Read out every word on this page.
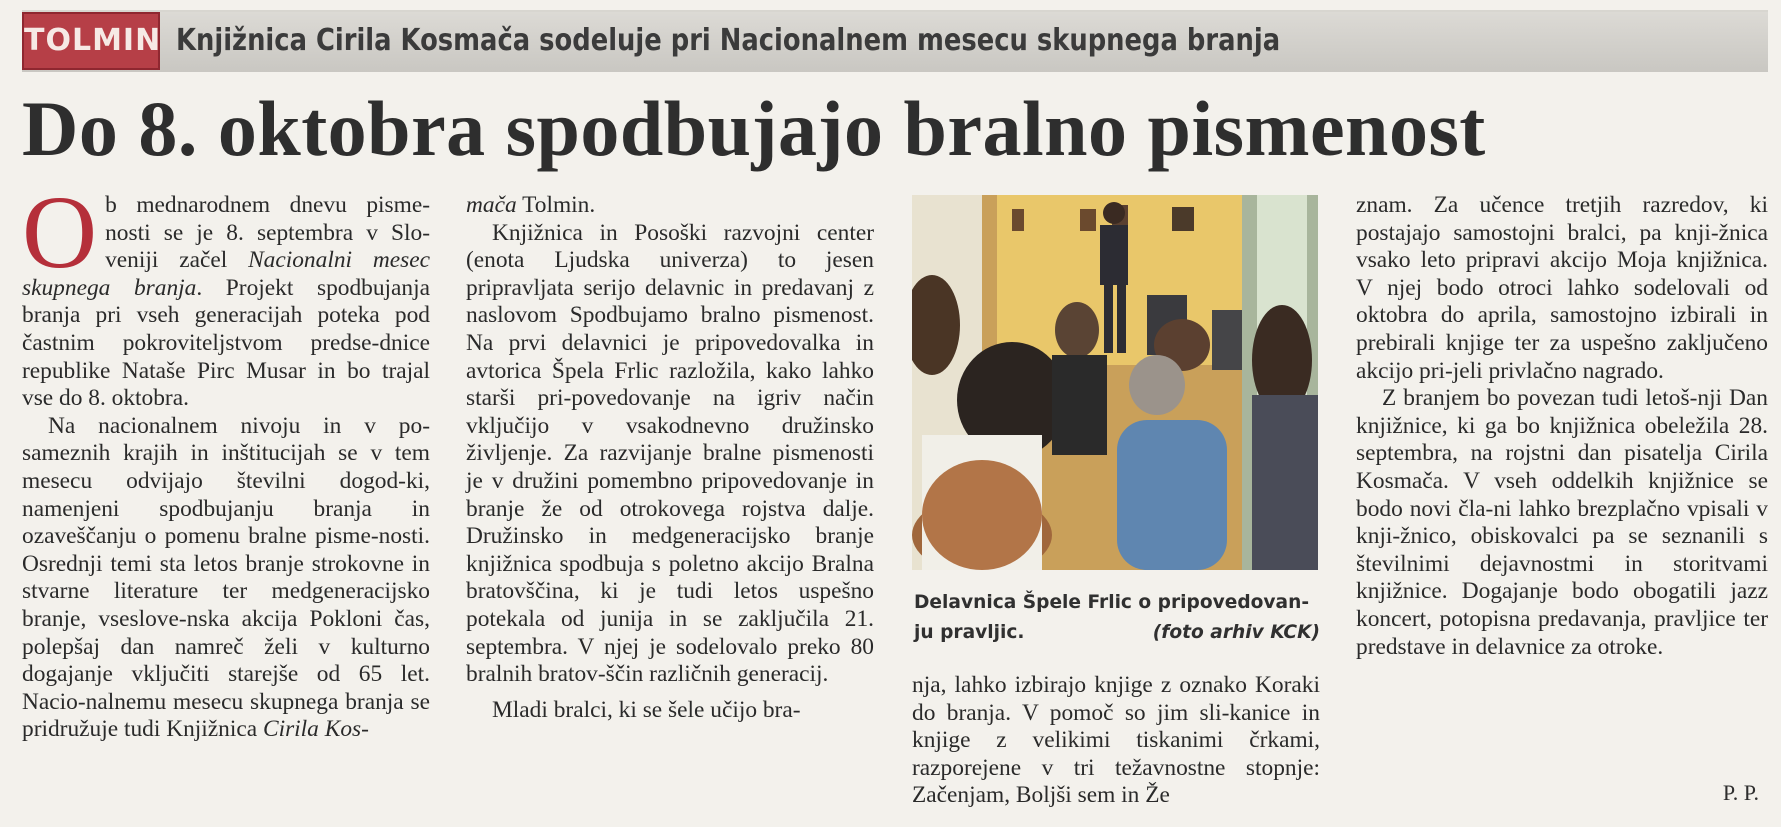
TOLMIN Knjižnica Cirila Kosmača sodeluje pri Nacionalnem mesecu skupnega branja
Do 8. oktobra spodbujajo bralno pismenost

Ob mednarodnem dnevu pisme-nosti se je 8. septembra v Slo-veniji začel Nacionalni mesec skupnega branja. Projekt spodbujanja branja pri vseh generacijah poteka pod častnim pokroviteljstvom predse-dnice republike Nataše Pirc Musar in bo trajal vse do 8. oktobra.

Na nacionalnem nivoju in v po-sameznih krajih in inštitucijah se v tem mesecu odvijajo številni dogod-ki, namenjeni spodbujanju branja in ozaveščanju o pomenu bralne pisme-nosti. Osrednji temi sta letos branje strokovne in stvarne literature ter medgeneracijsko branje, vseslove-nska akcija Pokloni čas, polepšaj dan namreč želi v kulturno dogajanje vključiti starejše od 65 let. Nacio-nalnemu mesecu skupnega branja se pridružuje tudi Knjižnica Cirila Kos-

mača Tolmin.

Knjižnica in Posoški razvojni center (enota Ljudska univerza) to jesen pripravljata serijo delavnic in predavanj z naslovom Spodbujamo bralno pismenost. Na prvi delavnici je pripovedovalka in avtorica Špela Frlic razložila, kako lahko starši pri-povedovanje na igriv način vključijo v vsakodnevno družinsko življenje. Za razvijanje bralne pismenosti je v družini pomembno pripovedovanje in branje že od otrokovega rojstva dalje. Družinsko in medgeneracijsko branje knjižnica spodbuja s poletno akcijo Bralna bratovščina, ki je tudi letos uspešno potekala od junija in se zaključila 21. septembra. V njej je sodelovalo preko 80 bralnih bratov-ščin različnih generacij.

Mladi bralci, ki se šele učijo bra-

Delavnica Špele Frlic o pripovedovan-ju pravljic.	(foto arhiv KCK)

nja, lahko izbirajo knjige z oznako Koraki do branja. V pomoč so jim sli-kanice in knjige z velikimi tiskanimi črkami, razporejene v tri težavnostne stopnje: Začenjam, Boljši sem in Že

znam. Za učence tretjih razredov, ki postajajo samostojni bralci, pa knji-žnica vsako leto pripravi akcijo Moja knjižnica. V njej bodo otroci lahko sodelovali od oktobra do aprila, samostojno izbirali in prebirali knjige ter za uspešno zaključeno akcijo pri-jeli privlačno nagrado.

Z branjem bo povezan tudi letoš-nji Dan knjižnice, ki ga bo knjižnica obeležila 28. septembra, na rojstni dan pisatelja Cirila Kosmača. V vseh oddelkih knjižnice se bodo novi čla-ni lahko brezplačno vpisali v knji-žnico, obiskovalci pa se seznanili s številnimi dejavnostmi in storitvami knjižnice. Dogajanje bodo obogatili jazz koncert, potopisna predavanja, pravljice ter predstave in delavnice za otroke.

P. P.
